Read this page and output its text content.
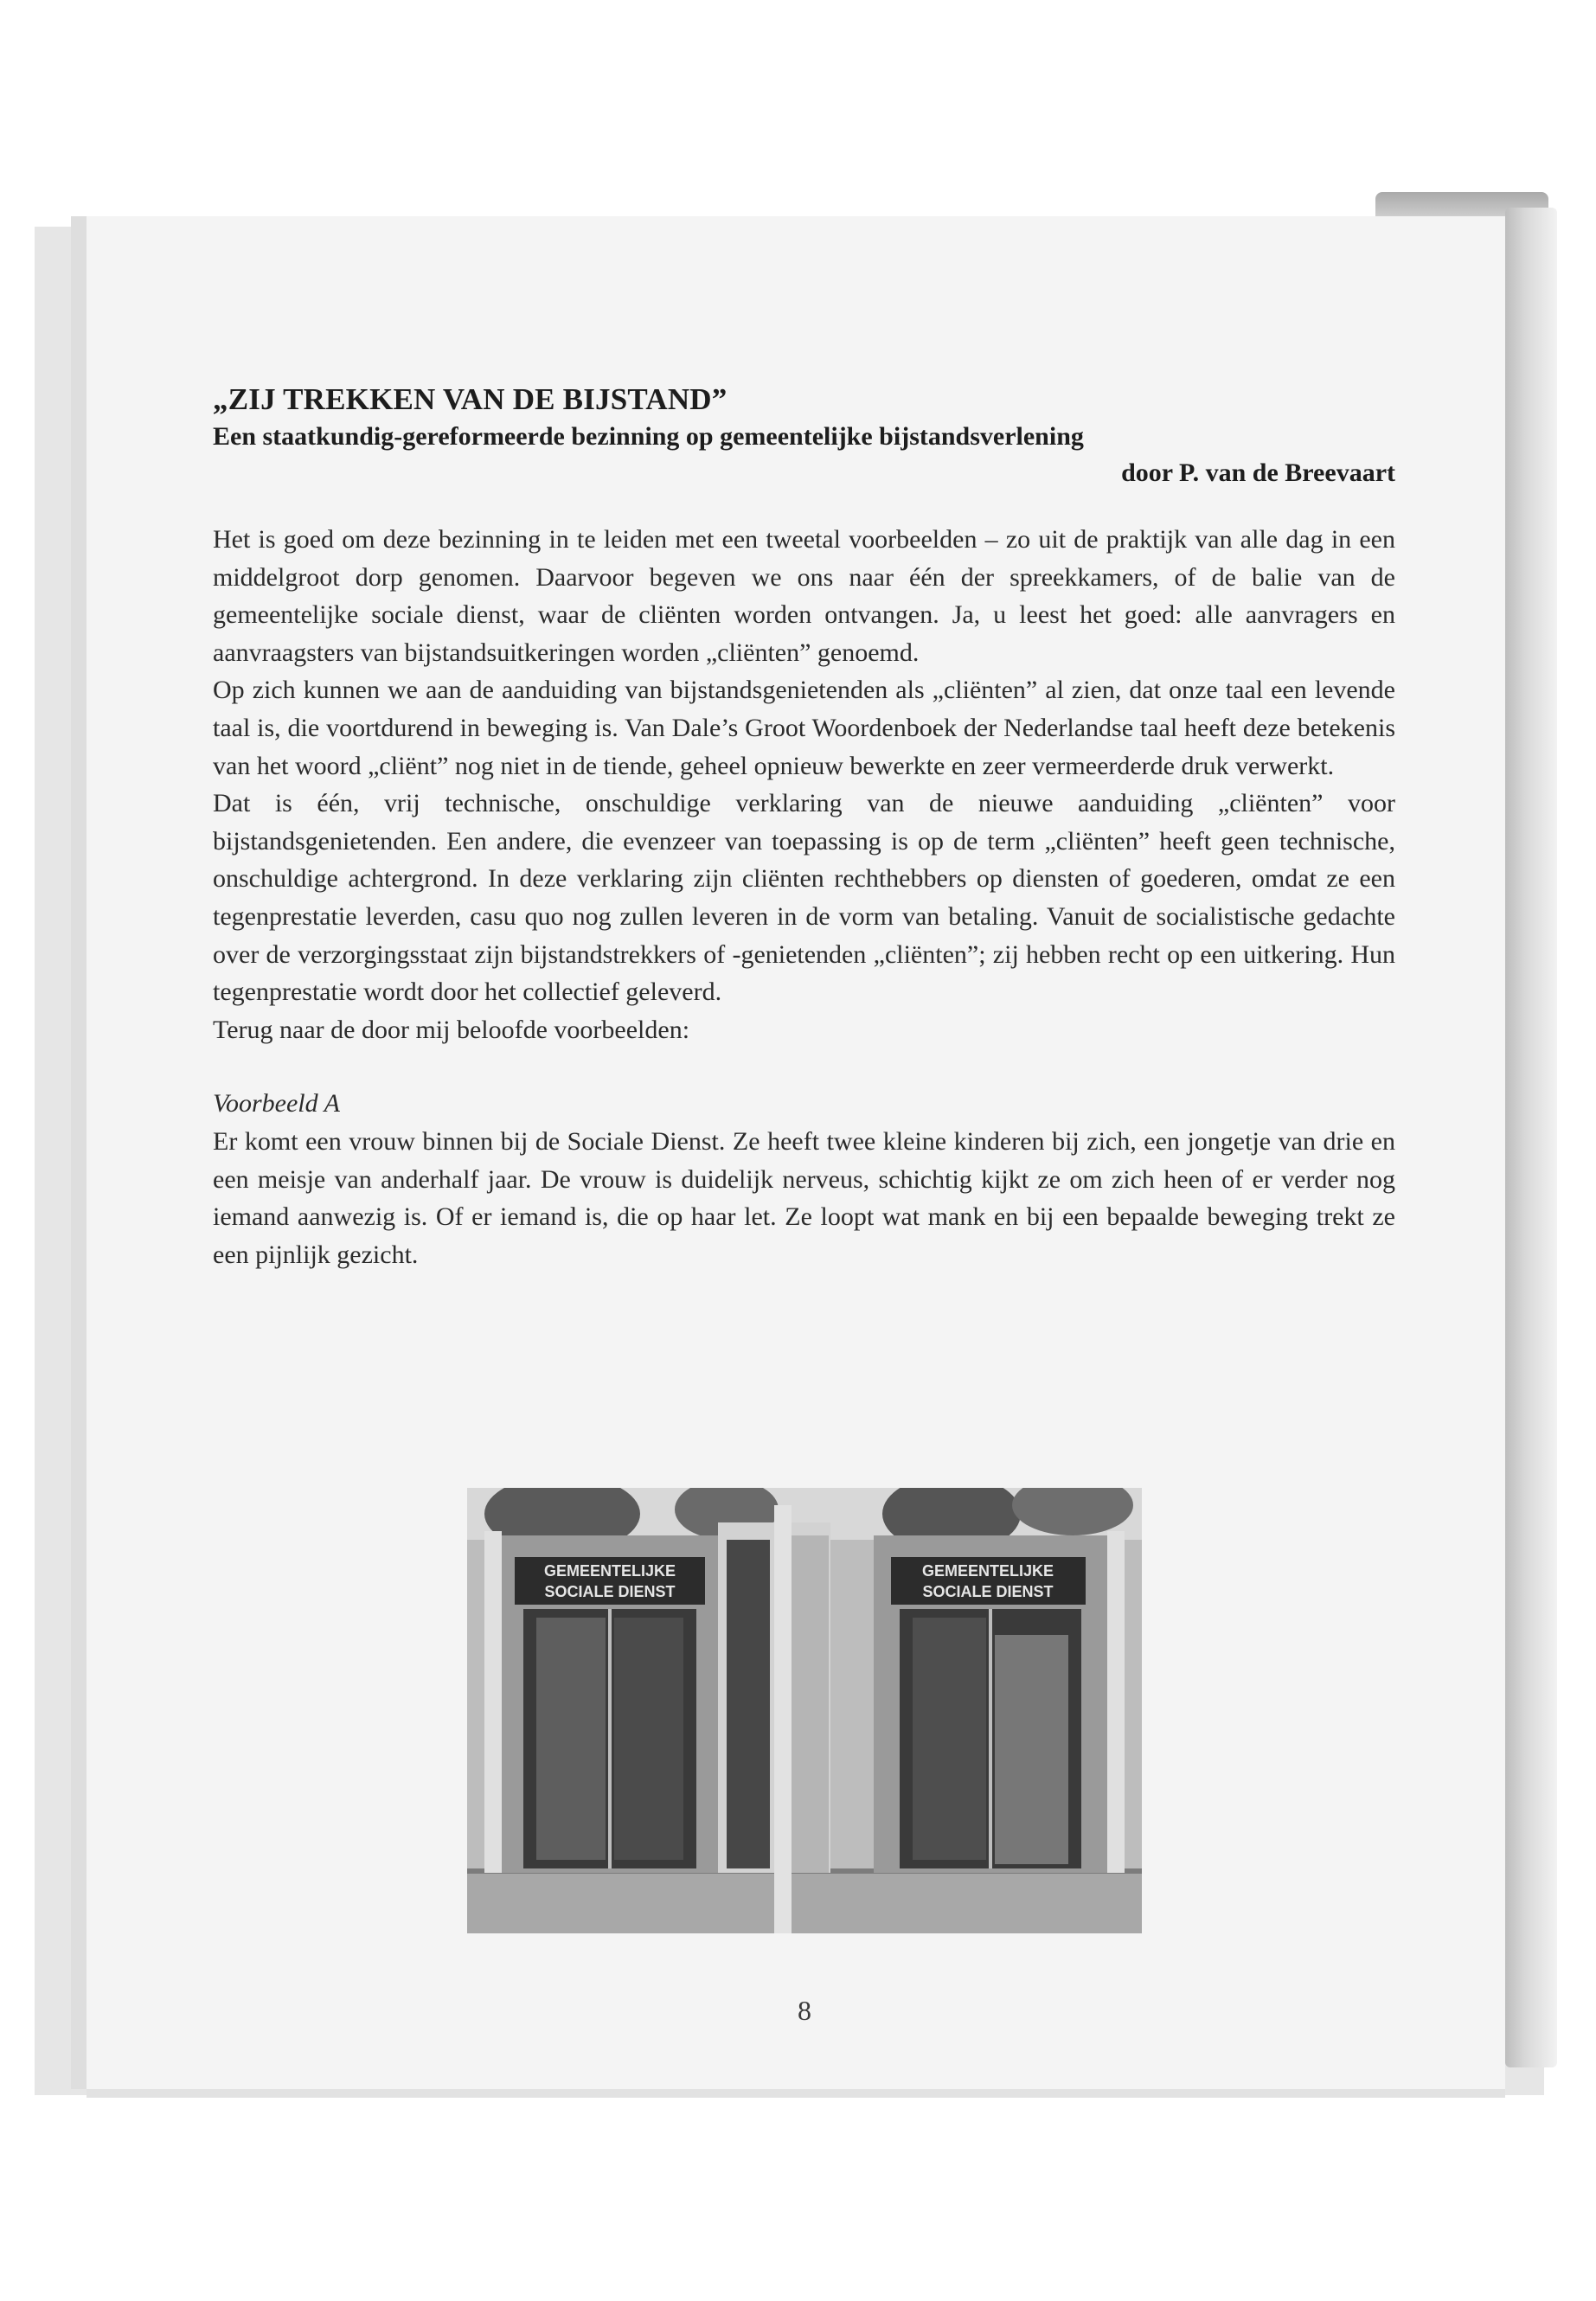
„ZIJ TREKKEN VAN DE BIJSTAND”

Een staatkundig-gereformeerde bezinning op gemeentelijke bijstandsverlening

door P. van de Breevaart

Het is goed om deze bezinning in te leiden met een tweetal voorbeelden – zo uit de praktijk van alle dag in een middelgroot dorp genomen. Daarvoor begeven we ons naar één der spreekkamers, of de balie van de gemeentelijke sociale dienst, waar de cliënten worden ontvangen. Ja, u leest het goed: alle aanvragers en aanvraagsters van bijstandsuitkeringen worden „cliënten” genoemd.

Op zich kunnen we aan de aanduiding van bijstandsgenietenden als „cliënten” al zien, dat onze taal een levende taal is, die voortdurend in beweging is. Van Dale’s Groot Woordenboek der Nederlandse taal heeft deze betekenis van het woord „cliënt” nog niet in de tiende, geheel opnieuw bewerkte en zeer vermeerderde druk verwerkt.

Dat is één, vrij technische, onschuldige verklaring van de nieuwe aanduiding „cliënten” voor bijstandsgenietenden. Een andere, die evenzeer van toepassing is op de term „cliënten” heeft geen technische, onschuldige achtergrond. In deze verklaring zijn cliënten rechthebbers op diensten of goederen, omdat ze een tegenprestatie leverden, casu quo nog zullen leveren in de vorm van betaling. Vanuit de socialistische gedachte over de verzorgingsstaat zijn bijstandstrekkers of -genietenden „cliënten”; zij hebben recht op een uitkering. Hun tegenprestatie wordt door het collectief geleverd.

Terug naar de door mij beloofde voorbeelden:

Voorbeeld A

Er komt een vrouw binnen bij de Sociale Dienst. Ze heeft twee kleine kinderen bij zich, een jongetje van drie en een meisje van anderhalf jaar. De vrouw is duidelijk nerveus, schichtig kijkt ze om zich heen of er verder nog iemand aanwezig is. Of er iemand is, die op haar let. Ze loopt wat mank en bij een bepaalde beweging trekt ze een pijnlijk gezicht.

GEMEENTELIJKE
SOCIALE DIENST
GEMEENTELIJKE
SOCIALE DIENST
8
